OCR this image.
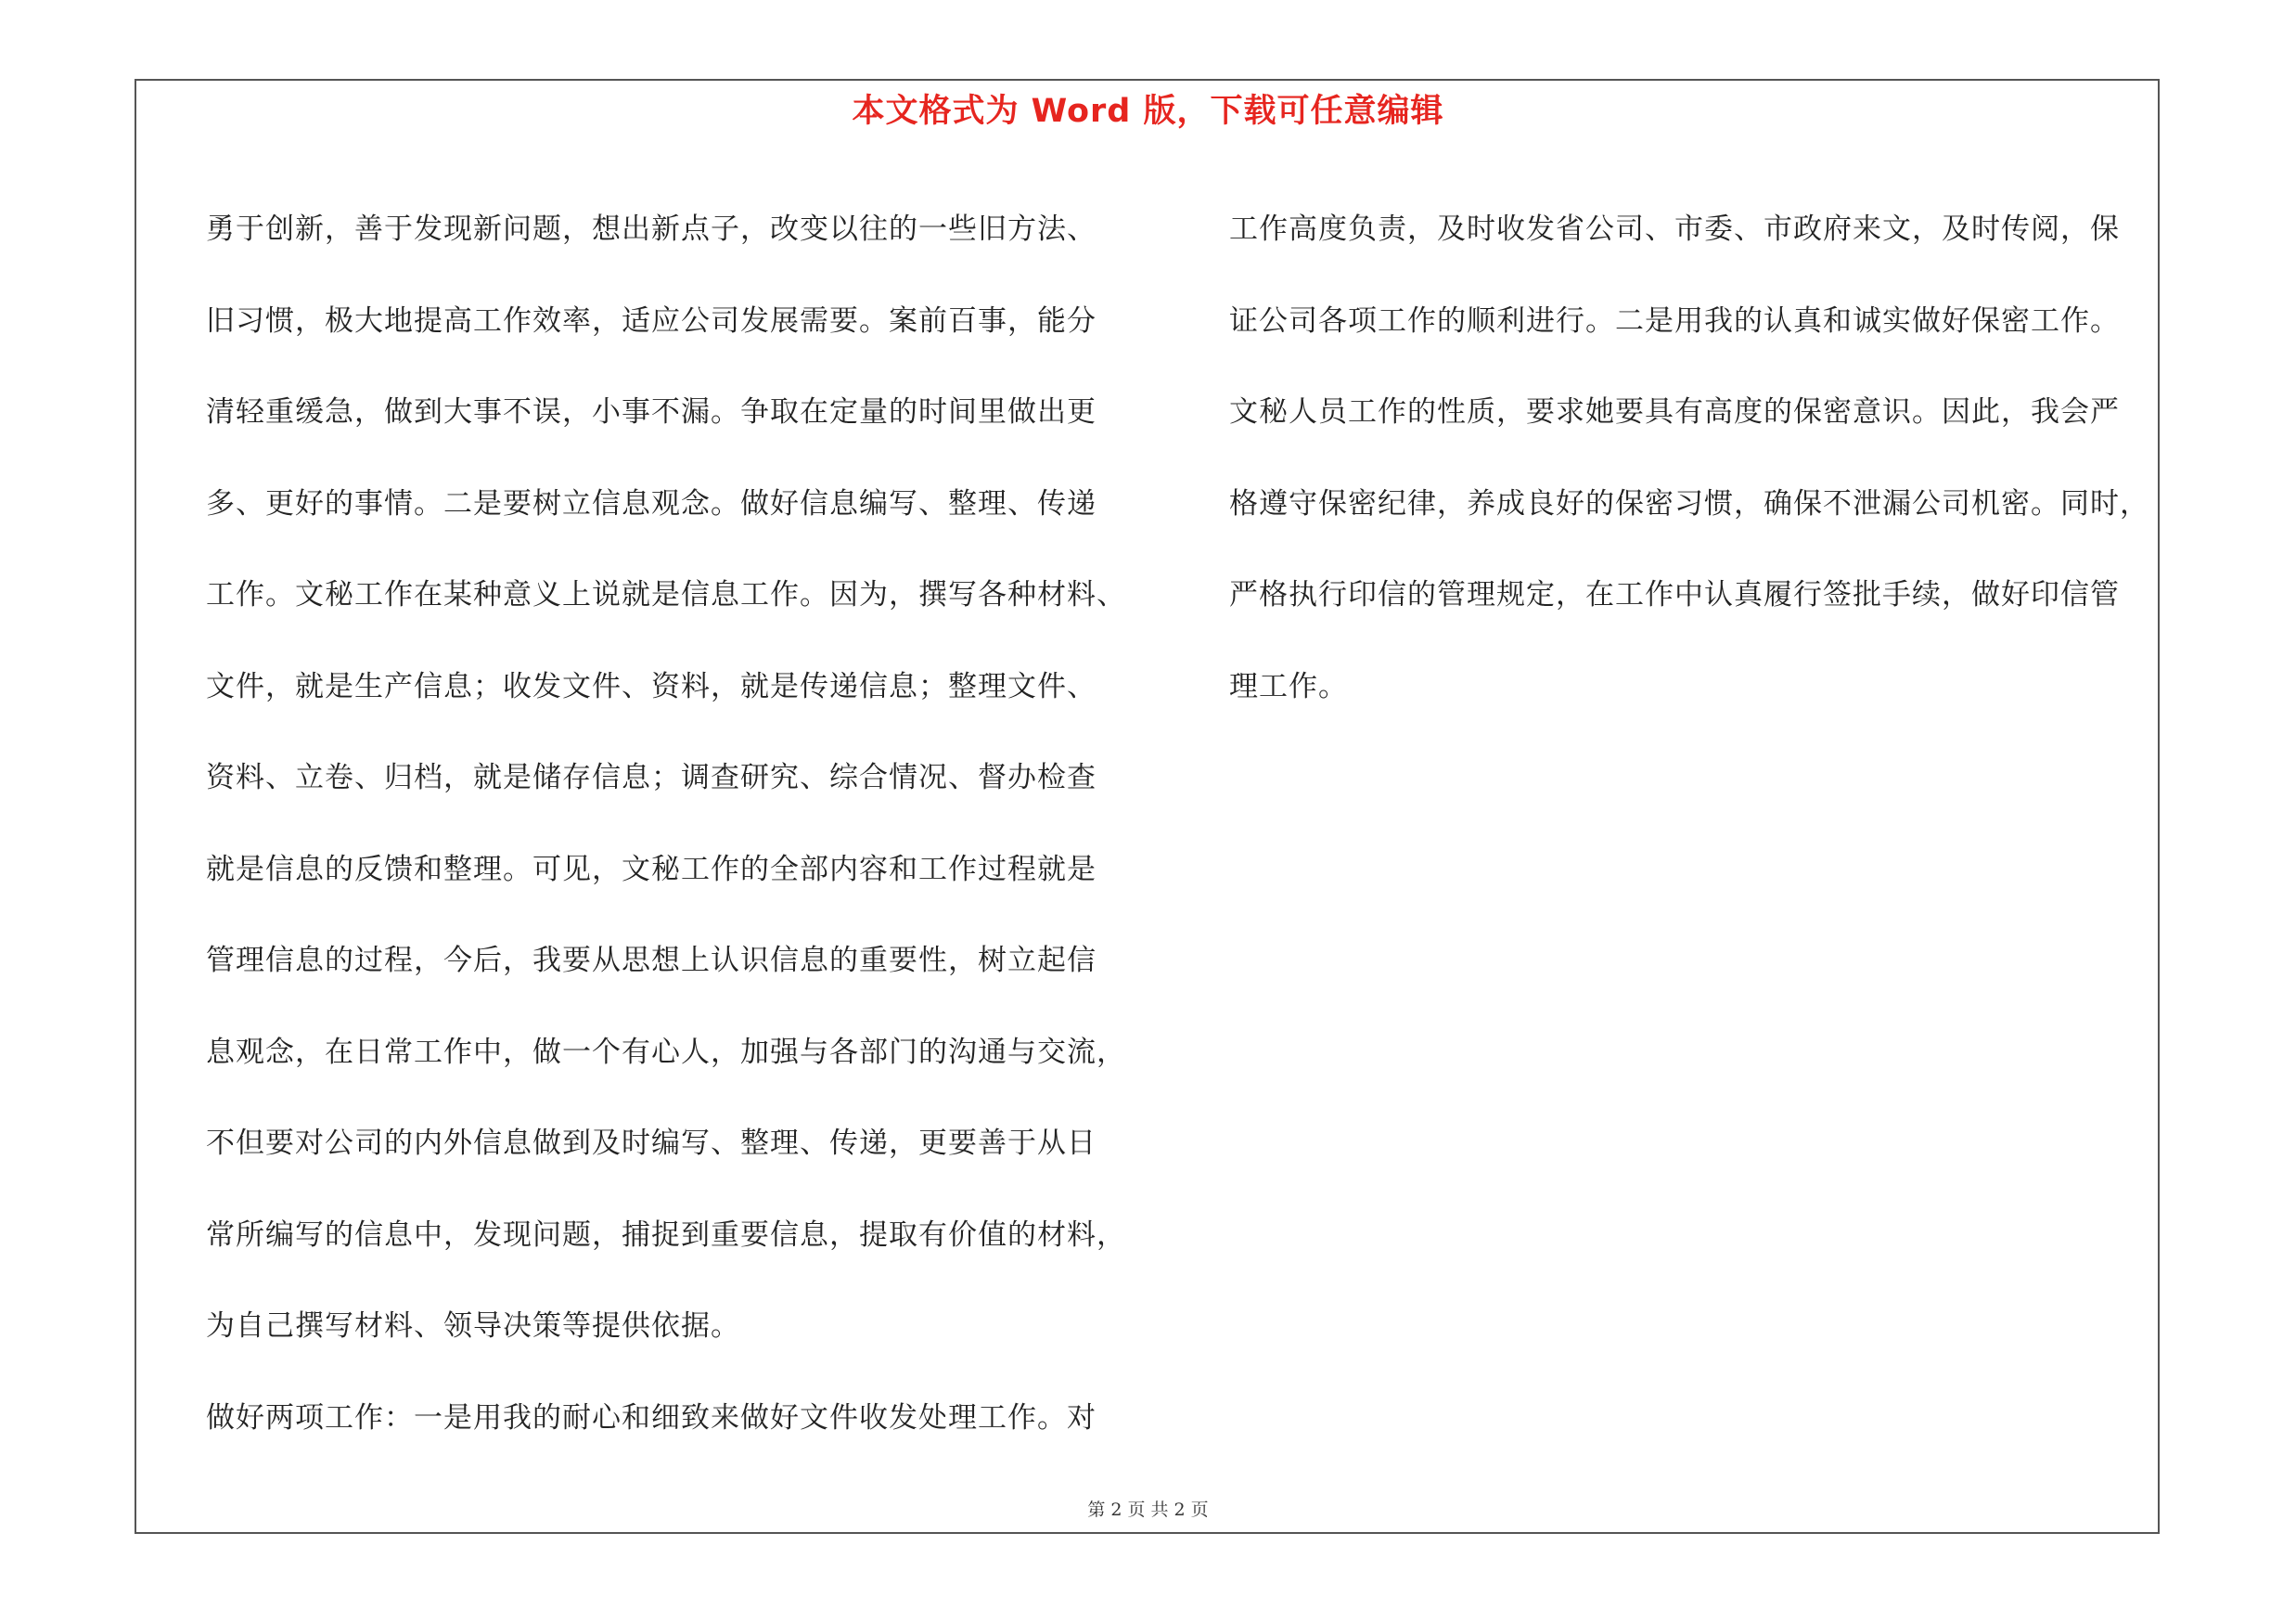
本文格式为 Word 版，下载可任意编辑
勇于创新，善于发现新问题，想出新点子，改变以往的一些旧方法、
旧习惯，极大地提高工作效率，适应公司发展需要。案前百事，能分
清轻重缓急，做到大事不误，小事不漏。争取在定量的时间里做出更
多、更好的事情。二是要树立信息观念。做好信息编写、整理、传递
工作。文秘工作在某种意义上说就是信息工作。因为，撰写各种材料、
文件，就是生产信息；收发文件、资料，就是传递信息；整理文件、
资料、立卷、归档，就是储存信息；调查研究、综合情况、督办检查
就是信息的反馈和整理。可见，文秘工作的全部内容和工作过程就是
管理信息的过程，今后，我要从思想上认识信息的重要性，树立起信
息观念，在日常工作中，做一个有心人，加强与各部门的沟通与交流，
不但要对公司的内外信息做到及时编写、整理、传递，更要善于从日
常所编写的信息中，发现问题，捕捉到重要信息，提取有价值的材料，
为自己撰写材料、领导决策等提供依据。
做好两项工作：一是用我的耐心和细致来做好文件收发处理工作。对
工作高度负责，及时收发省公司、市委、市政府来文，及时传阅，保
证公司各项工作的顺利进行。二是用我的认真和诚实做好保密工作。
文秘人员工作的性质，要求她要具有高度的保密意识。因此，我会严
格遵守保密纪律，养成良好的保密习惯，确保不泄漏公司机密。同时，
严格执行印信的管理规定，在工作中认真履行签批手续，做好印信管
理工作。
第 2 页 共 2 页
